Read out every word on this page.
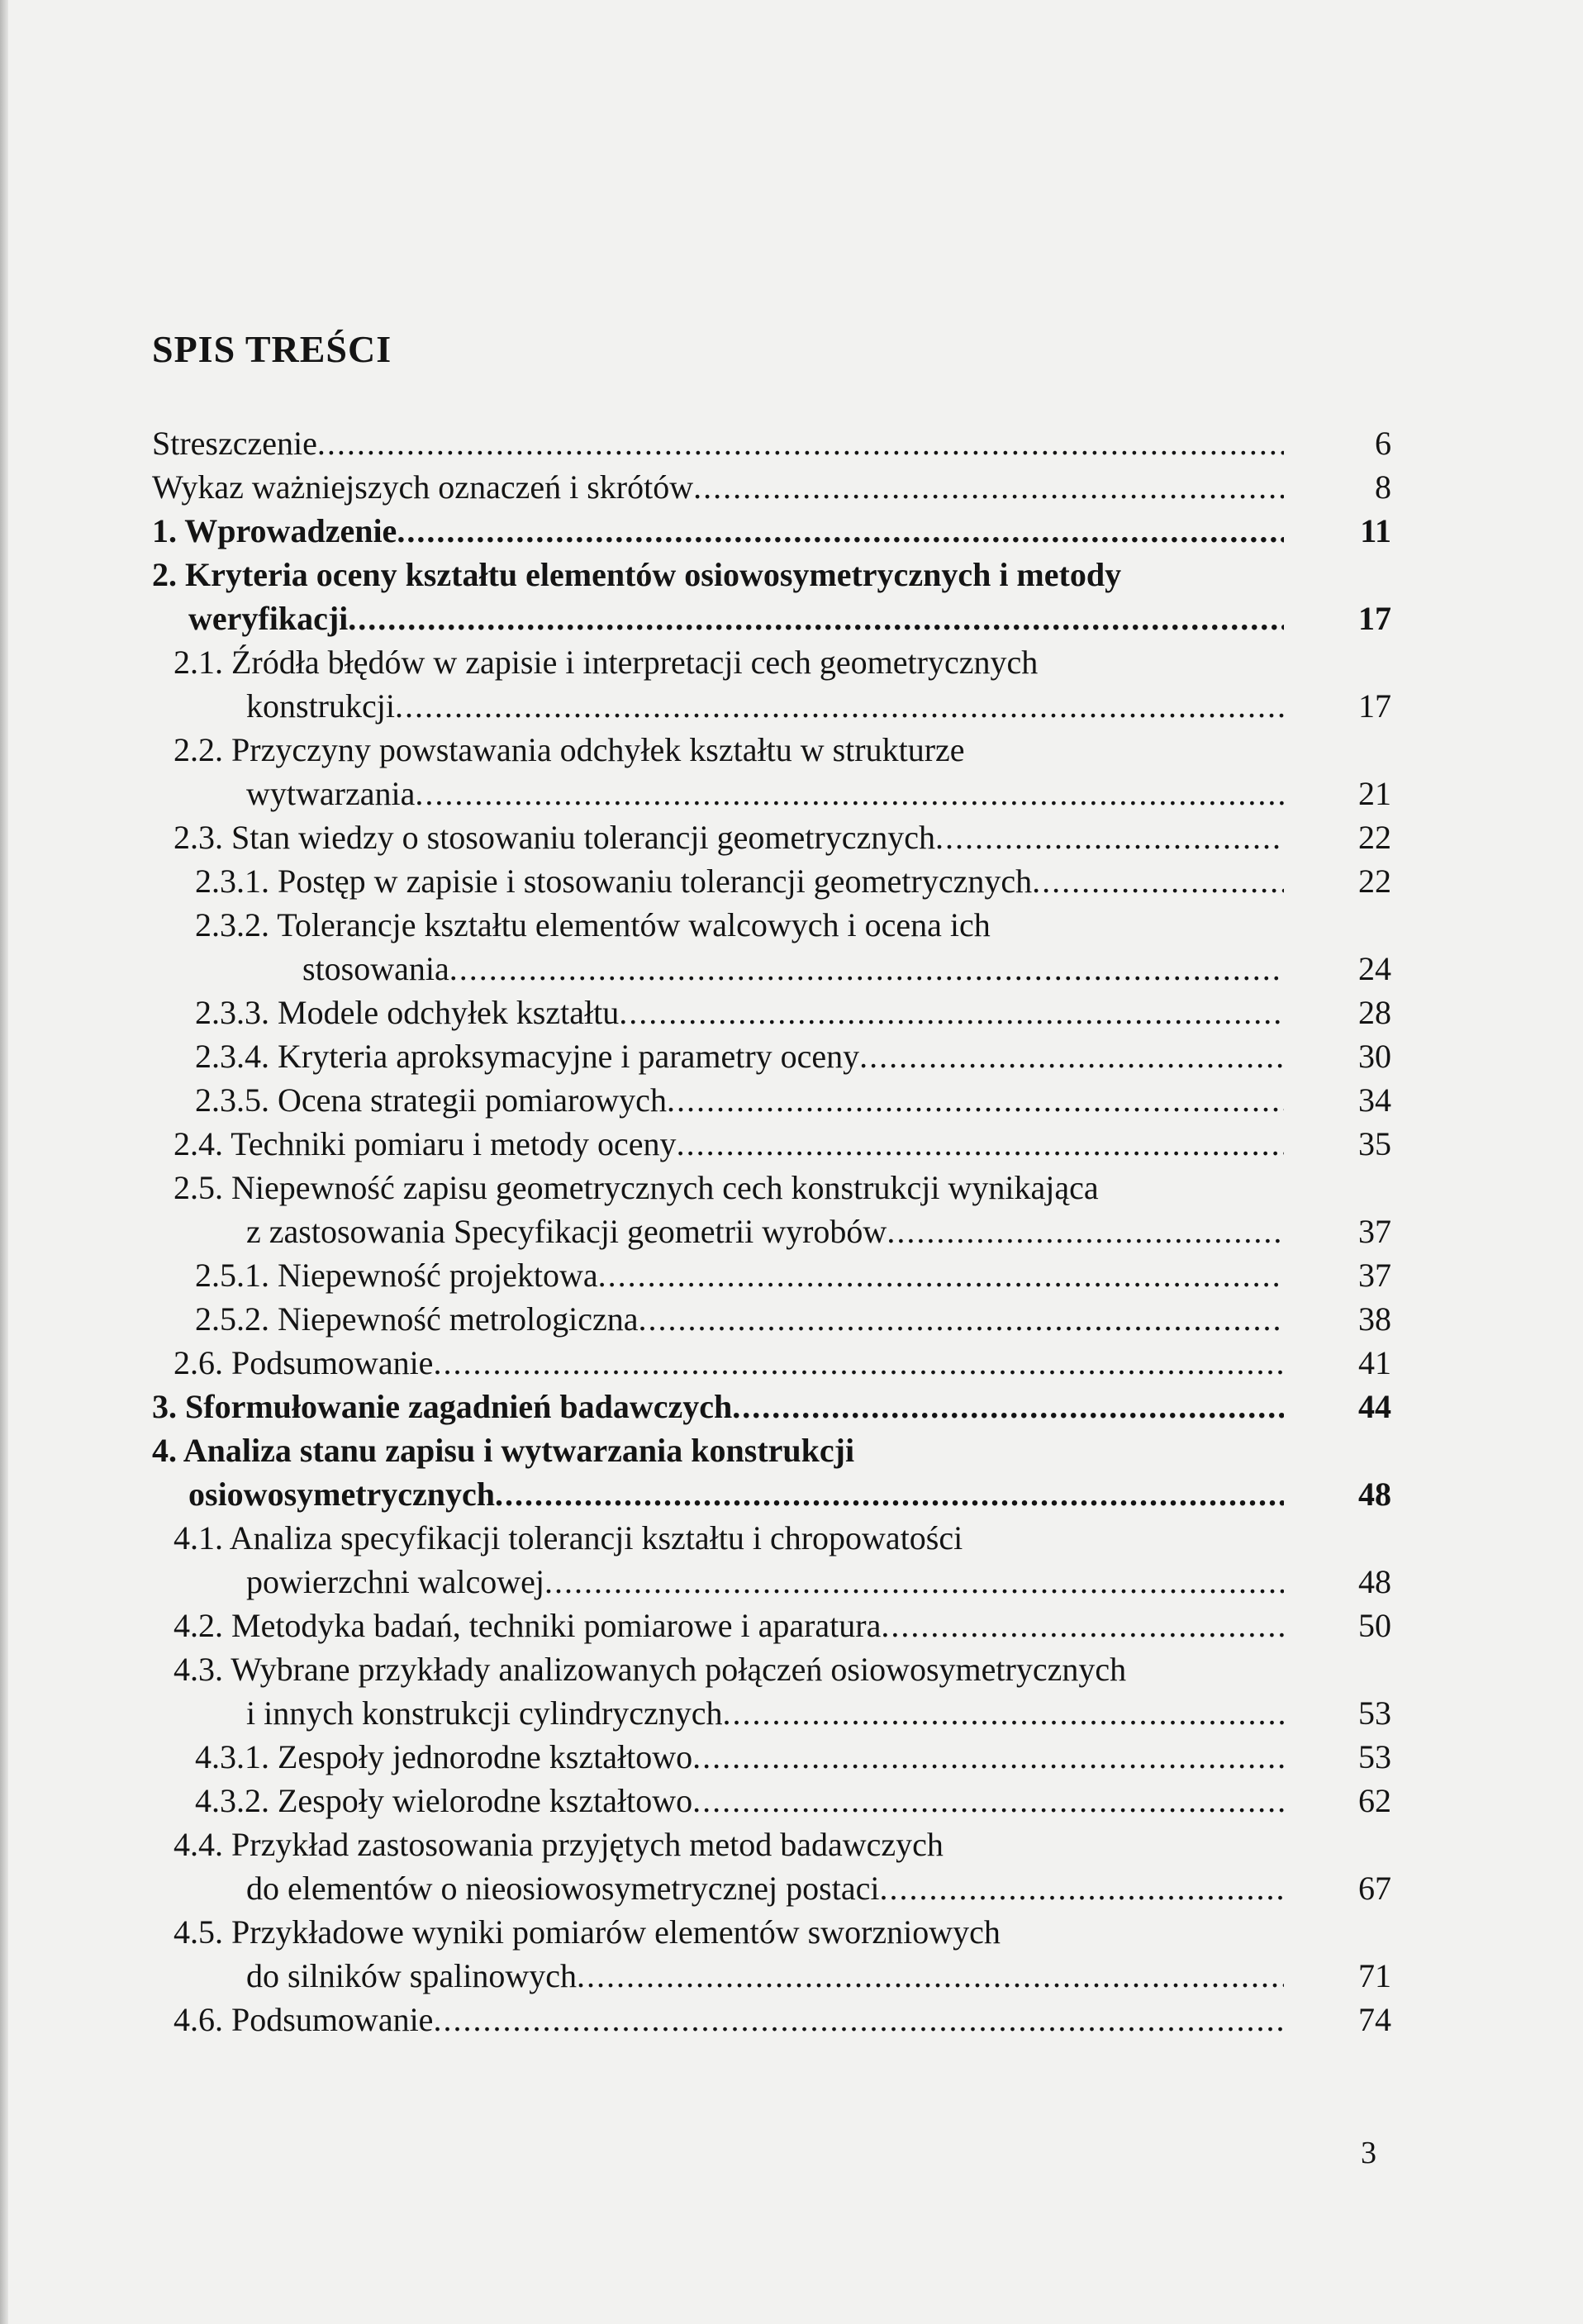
SPIS TREŚCI
Streszczenie .....	6
Wykaz ważniejszych oznaczeń i skrótów .....	8
1. Wprowadzenie .....	11
2. Kryteria oceny kształtu elementów osiowosymetrycznych i metody
weryfikacji .....	17
2.1. Źródła błędów w zapisie i interpretacji cech geometrycznych
konstrukcji .....	17
2.2. Przyczyny powstawania odchyłek kształtu w strukturze
wytwarzania .....	21
2.3. Stan wiedzy o stosowaniu tolerancji geometrycznych .....	22
2.3.1. Postęp w zapisie i stosowaniu tolerancji geometrycznych .....	22
2.3.2. Tolerancje kształtu elementów walcowych i ocena ich
stosowania .....	24
2.3.3. Modele odchyłek kształtu .....	28
2.3.4. Kryteria aproksymacyjne i parametry oceny .....	30
2.3.5. Ocena strategii pomiarowych .....	34
2.4. Techniki pomiaru i metody oceny .....	35
2.5. Niepewność zapisu geometrycznych cech konstrukcji wynikająca
z zastosowania Specyfikacji geometrii wyrobów .....	37
2.5.1. Niepewność projektowa .....	37
2.5.2. Niepewność metrologiczna .....	38
2.6. Podsumowanie .....	41
3. Sformułowanie zagadnień badawczych .....	44
4. Analiza stanu zapisu i wytwarzania konstrukcji
osiowosymetrycznych .....	48
4.1. Analiza specyfikacji tolerancji kształtu i chropowatości
powierzchni walcowej .....	48
4.2. Metodyka badań, techniki pomiarowe i aparatura .....	50
4.3. Wybrane przykłady analizowanych połączeń osiowosymetrycznych
i innych konstrukcji cylindrycznych .....	53
4.3.1. Zespoły jednorodne kształtowo .....	53
4.3.2. Zespoły wielorodne kształtowo .....	62
4.4. Przykład zastosowania przyjętych metod badawczych
do elementów o nieosiowosymetrycznej postaci .....	67
4.5. Przykładowe wyniki pomiarów elementów sworzniowych
do silników spalinowych .....	71
4.6. Podsumowanie .....	74
3
